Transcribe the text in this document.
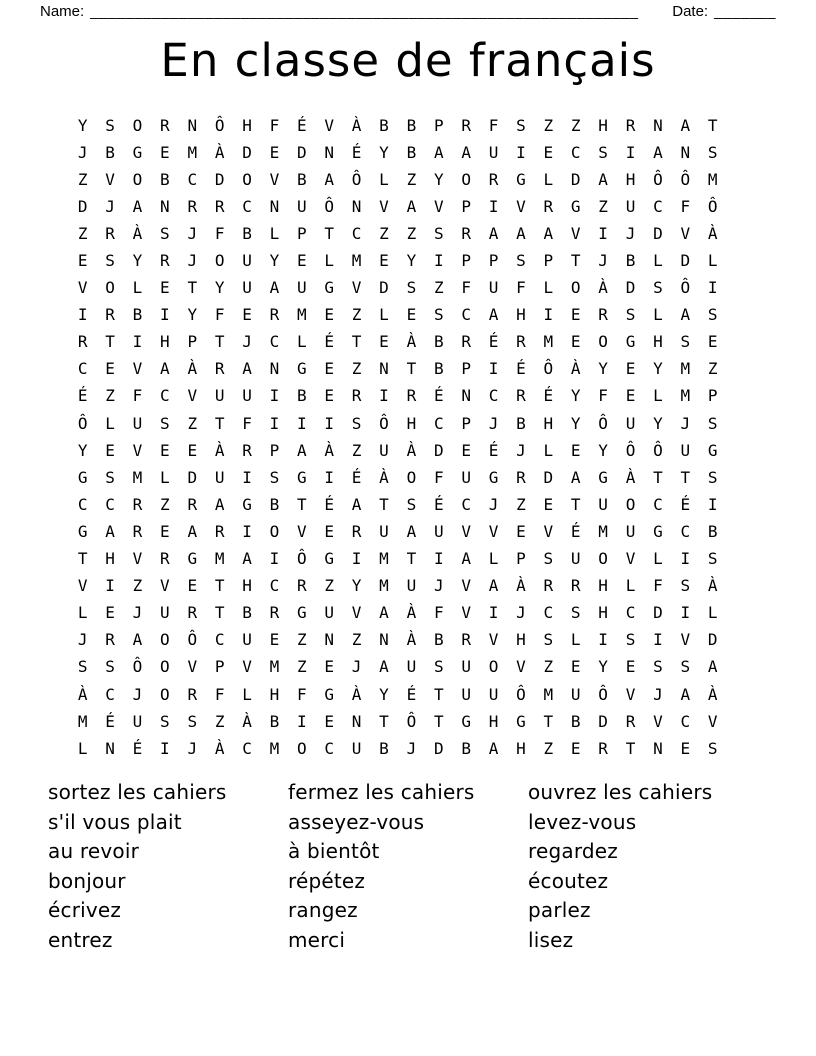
Name: ______________________________________________________________	Date: _______
En classe de français
Y	S	O	R	N	Ô	H	F	É	V	À	B	B	P	R	F	S	Z	Z	H	R	N	A	T
J	B	G	E	M	À	D	E	D	N	É	Y	B	A	A	U	I	E	C	S	I	A	N	S
Z	V	O	B	C	D	O	V	B	A	Ô	L	Z	Y	O	R	G	L	D	A	H	Ô	Ô	M
D	J	A	N	R	R	C	N	U	Ô	N	V	A	V	P	I	V	R	G	Z	U	C	F	Ô
Z	R	À	S	J	F	B	L	P	T	C	Z	Z	S	R	A	A	A	V	I	J	D	V	À
E	S	Y	R	J	O	U	Y	E	L	M	E	Y	I	P	P	S	P	T	J	B	L	D	L
V	O	L	E	T	Y	U	A	U	G	V	D	S	Z	F	U	F	L	O	À	D	S	Ô	I
I	R	B	I	Y	F	E	R	M	E	Z	L	E	S	C	A	H	I	E	R	S	L	A	S
R	T	I	H	P	T	J	C	L	É	T	E	À	B	R	É	R	M	E	O	G	H	S	E
C	E	V	A	À	R	A	N	G	E	Z	N	T	B	P	I	É	Ô	À	Y	E	Y	M	Z
É	Z	F	C	V	U	U	I	B	E	R	I	R	É	N	C	R	É	Y	F	E	L	M	P
Ô	L	U	S	Z	T	F	I	I	I	S	Ô	H	C	P	J	B	H	Y	Ô	U	Y	J	S
Y	E	V	E	E	À	R	P	A	À	Z	U	À	D	E	É	J	L	E	Y	Ô	Ô	U	G
G	S	M	L	D	U	I	S	G	I	É	À	O	F	U	G	R	D	A	G	À	T	T	S
C	C	R	Z	R	A	G	B	T	É	A	T	S	É	C	J	Z	E	T	U	O	C	É	I
G	A	R	E	A	R	I	O	V	E	R	U	A	U	V	V	E	V	É	M	U	G	C	B
T	H	V	R	G	M	A	I	Ô	G	I	M	T	I	A	L	P	S	U	O	V	L	I	S
V	I	Z	V	E	T	H	C	R	Z	Y	M	U	J	V	A	À	R	R	H	L	F	S	À
L	E	J	U	R	T	B	R	G	U	V	A	À	F	V	I	J	C	S	H	C	D	I	L
J	R	A	O	Ô	C	U	E	Z	N	Z	N	À	B	R	V	H	S	L	I	S	I	V	D
S	S	Ô	O	V	P	V	M	Z	E	J	A	U	S	U	O	V	Z	E	Y	E	S	S	A
À	C	J	O	R	F	L	H	F	G	À	Y	É	T	U	U	Ô	M	U	Ô	V	J	A	À
M	É	U	S	S	Z	À	B	I	E	N	T	Ô	T	G	H	G	T	B	D	R	V	C	V
L	N	É	I	J	À	C	M	O	C	U	B	J	D	B	A	H	Z	E	R	T	N	E	S
sortez les cahiers
s'il vous plait
au revoir
bonjour
écrivez
entrez
fermez les cahiers
asseyez-vous
à bientôt
répétez
rangez
merci
ouvrez les cahiers
levez-vous
regardez
écoutez
parlez
lisez
